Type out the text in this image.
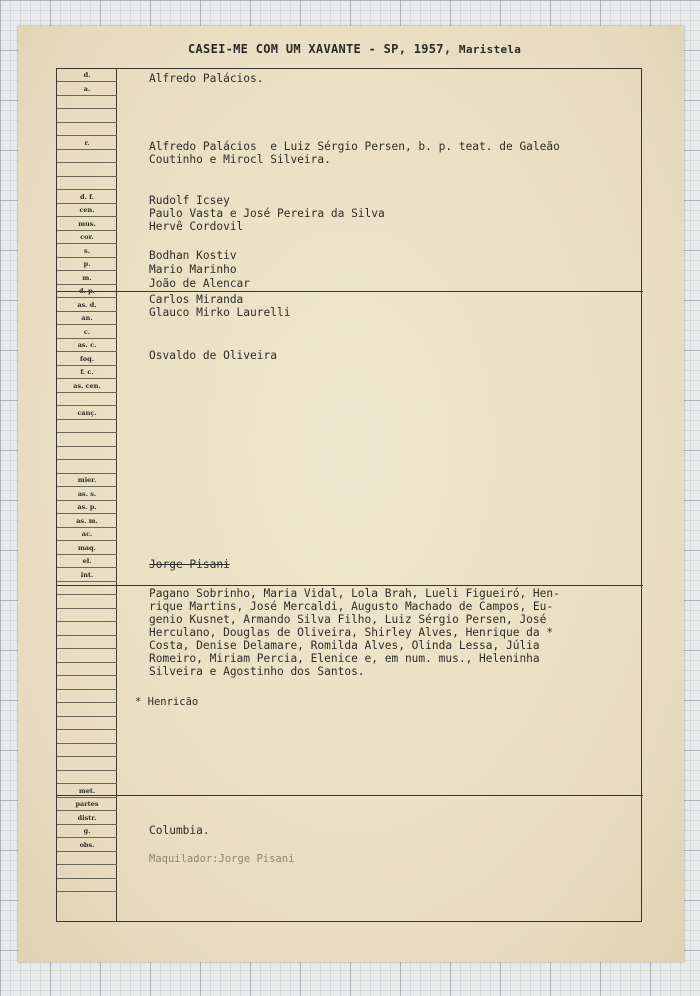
CASEI-ME COM UM XAVANTE - SP, 1957, Maristela
d.
a.
r.
d. f.
cen.
mus.
cor.
s.
p.
m.
d. p.
as. d.
an.
c.
as. c.
foq.
f. c.
as. cen.
canç.
mier.
as. s.
as. p.
as. m.
ac.
maq.
el.
int.
met.
partes
distr.
g.
obs.

Alfredo Palácios.

Alfredo Palácios  e Luiz Sérgio Persen, b. p. teat. de Galeão
Coutinho e Mirocl Silveira.

Rudolf Icsey

Paulo Vasta e José Pereira da Silva

Hervê Cordovil

Bodhan Kostiv

Mario Marinho

João de Alencar

Carlos Miranda

Glauco Mirko Laurelli

Osvaldo de Oliveira

Jorge Pisani

Pagano Sobrinho, Maria Vidal, Lola Brah, Lueli Figueiró, Hen-
rique Martins, José Mercaldi, Augusto Machado de Campos, Eu-
genio Kusnet, Armando Silva Filho, Luiz Sérgio Persen, José
Herculano, Douglas de Oliveira, Shirley Alves, Henrique da *
Costa, Denise Delamare, Romilda Alves, Olinda Lessa, Júlia
Romeiro, Miriam Percia, Elenice e, em num. mus., Heleninha
Silveira e Agostinho dos Santos.

* Henricão

Columbia.

Maquilador:Jorge Pisani
